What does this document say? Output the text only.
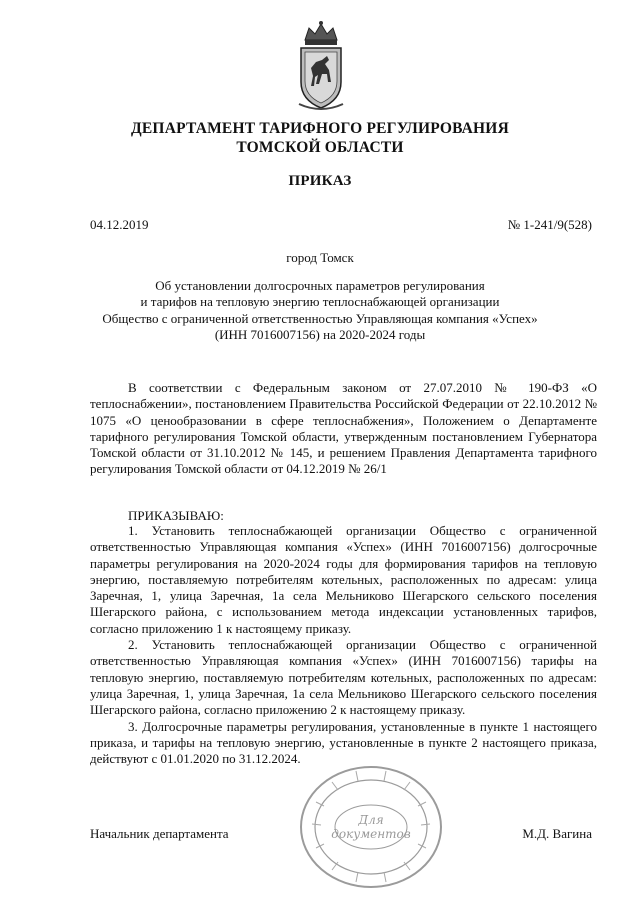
ДЕПАРТАМЕНТ ТАРИФНОГО РЕГУЛИРОВАНИЯ
ТОМСКОЙ ОБЛАСТИ
ПРИКАЗ
04.12.2019	№ 1-241/9(528)
город Томск
Об установлении долгосрочных параметров регулирования
и тарифов на тепловую энергию теплоснабжающей организации
Общество с ограниченной ответственностью Управляющая компания «Успех»
(ИНН 7016007156) на 2020-2024 годы

В соответствии с Федеральным законом от 27.07.2010 № 190-ФЗ «О теплоснабжении», постановлением Правительства Российской Федерации от 22.10.2012 № 1075 «О ценообразовании в сфере теплоснабжения», Положением о Департаменте тарифного регулирования Томской области, утвержденным постановлением Губернатора Томской области от 31.10.2012 № 145, и решением Правления Департамента тарифного регулирования Томской области от 04.12.2019 № 26/1

ПРИКАЗЫВАЮ:

1. Установить теплоснабжающей организации Общество с ограниченной ответственностью Управляющая компания «Успех» (ИНН 7016007156) долгосрочные параметры регулирования на 2020-2024 годы для формирования тарифов на тепловую энергию, поставляемую потребителям котельных, расположенных по адресам: улица Заречная, 1, улица Заречная, 1а села Мельниково Шегарского сельского поселения Шегарского района, с использованием метода индексации установленных тарифов, согласно приложению 1 к настоящему приказу.

2. Установить теплоснабжающей организации Общество с ограниченной ответственностью Управляющая компания «Успех» (ИНН 7016007156) тарифы на тепловую энергию, поставляемую потребителям котельных, расположенных по адресам: улица Заречная, 1, улица Заречная, 1а села Мельниково Шегарского сельского поселения Шегарского района, согласно приложению 2 к настоящему приказу.

3. Долгосрочные параметры регулирования, установленные в пункте 1 настоящего приказа, и тарифы на тепловую энергию, установленные в пункте 2 настоящего приказа, действуют с 01.01.2020 по 31.12.2024.

Начальник департамента	М.Д. Вагина
Для
документов
